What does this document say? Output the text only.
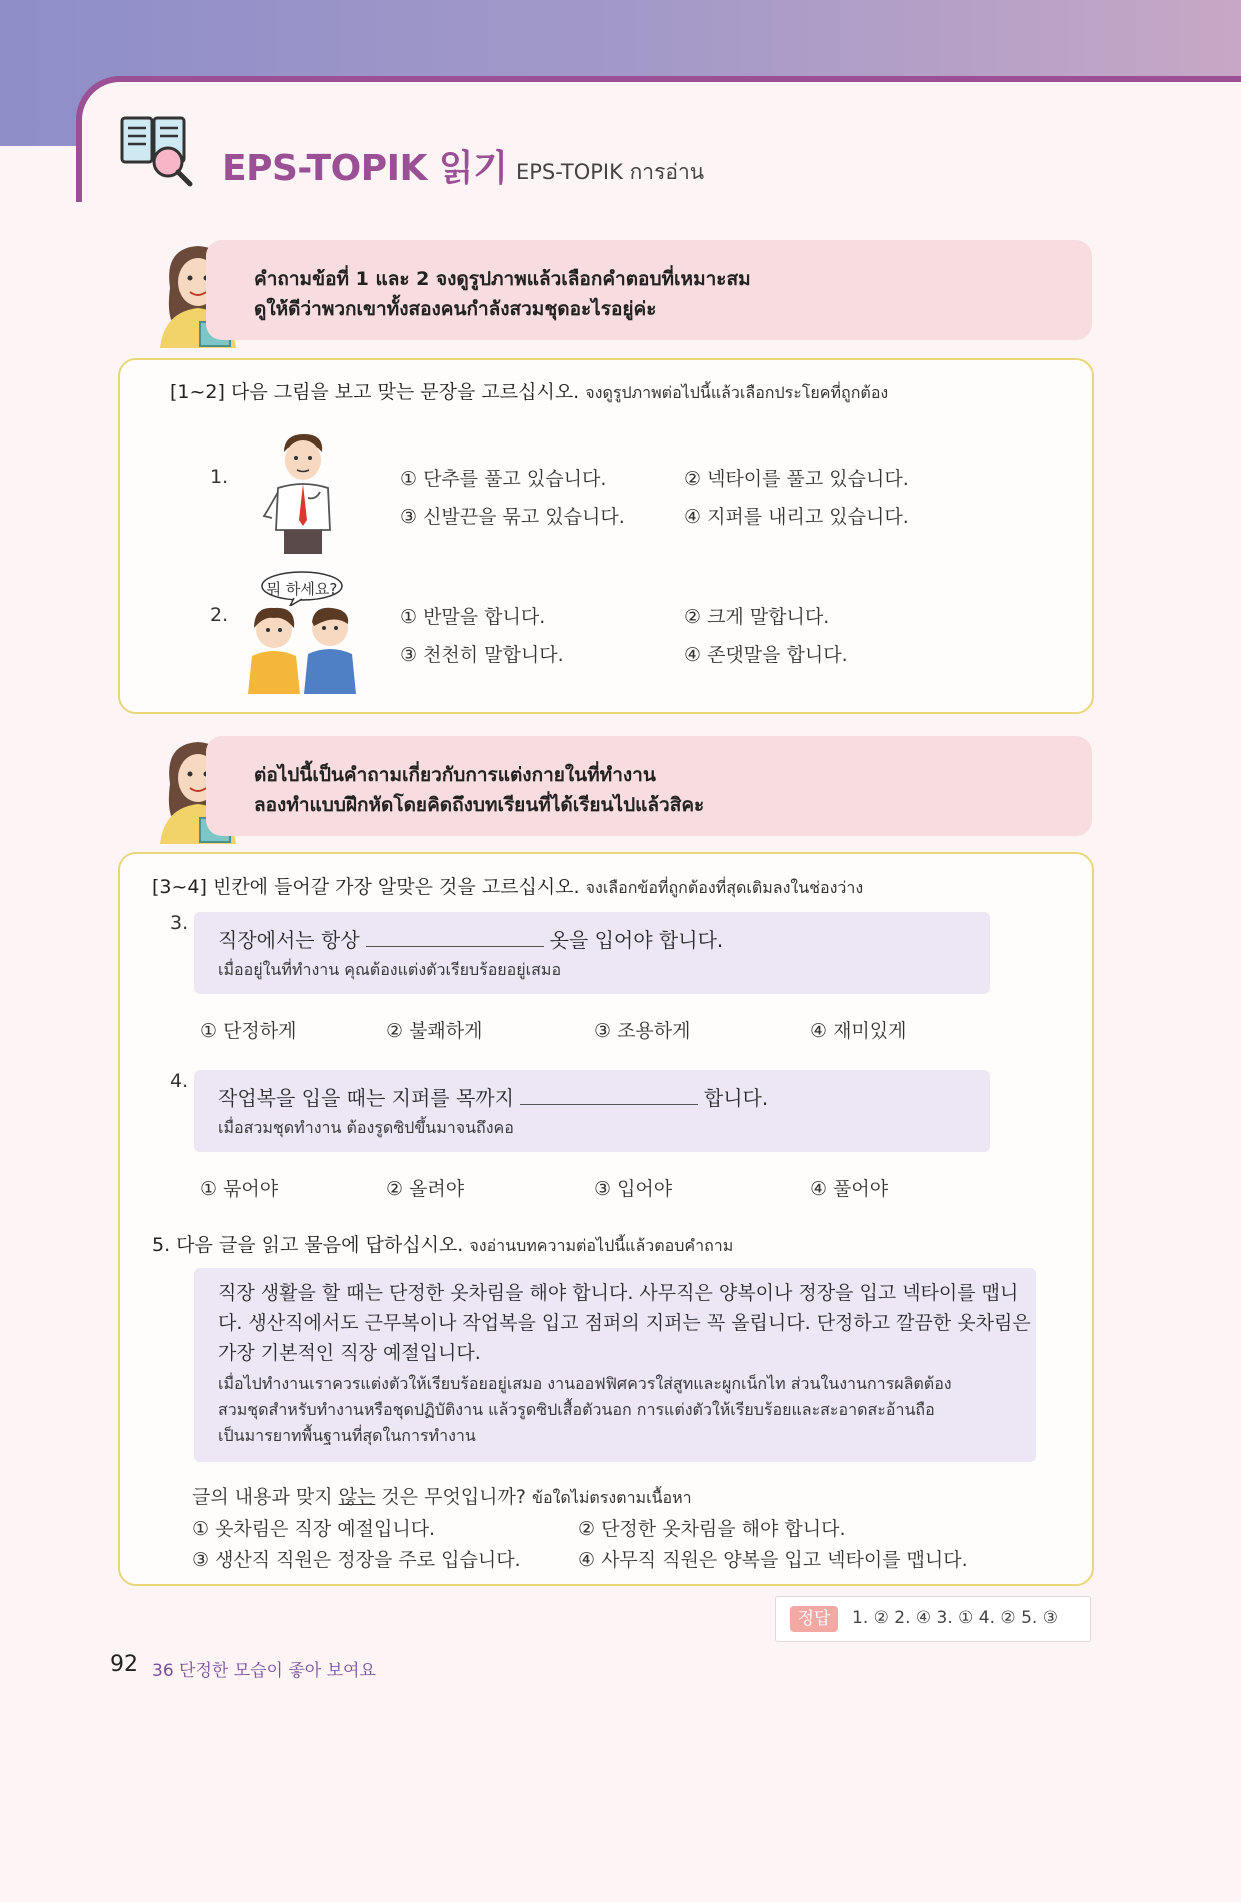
EPS-TOPIK 읽기 EPS-TOPIK การอ่าน
คำถามข้อที่ 1 และ 2 จงดูรูปภาพแล้วเลือกคำตอบที่เหมาะสม
ดูให้ดีว่าพวกเขาทั้งสองคนกำลังสวมชุดอะไรอยู่ค่ะ
[1~2] 다음 그림을 보고 맞는 문장을 고르십시오. จงดูรูปภาพต่อไปนี้แล้วเลือกประโยคที่ถูกต้อง
1.	① 단추를 풀고 있습니다.	② 넥타이를 풀고 있습니다.
③ 신발끈을 묶고 있습니다.	④ 지퍼를 내리고 있습니다.
2.
뭐 하세요?
① 반말을 합니다.	② 크게 말합니다.
③ 천천히 말합니다.	④ 존댓말을 합니다.
ต่อไปนี้เป็นคำถามเกี่ยวกับการแต่งกายในที่ทำงาน
ลองทำแบบฝึกหัดโดยคิดถึงบทเรียนที่ได้เรียนไปแล้วสิคะ
[3~4] 빈칸에 들어갈 가장 알맞은 것을 고르십시오. จงเลือกข้อที่ถูกต้องที่สุดเติมลงในช่องว่าง
3.
직장에서는 항상	옷을 입어야 합니다.
เมื่ออยู่ในที่ทำงาน คุณต้องแต่งตัวเรียบร้อยอยู่เสมอ
① 단정하게	② 불쾌하게	③ 조용하게	④ 재미있게
4.
작업복을 입을 때는 지퍼를 목까지	합니다.
เมื่อสวมชุดทำงาน ต้องรูดซิปขึ้นมาจนถึงคอ
① 묶어야	② 올려야	③ 입어야	④ 풀어야
5. 다음 글을 읽고 물음에 답하십시오. จงอ่านบทความต่อไปนี้แล้วตอบคำถาม
직장 생활을 할 때는 단정한 옷차림을 해야 합니다. 사무직은 양복이나 정장을 입고 넥타이를 맵니
다. 생산직에서도 근무복이나 작업복을 입고 점퍼의 지퍼는 꼭 올립니다. 단정하고 깔끔한 옷차림은
가장 기본적인 직장 예절입니다.
เมื่อไปทำงานเราควรแต่งตัวให้เรียบร้อยอยู่เสมอ งานออฟฟิศควรใส่สูทและผูกเน็กไท ส่วนในงานการผลิตต้อง
สวมชุดสำหรับทำงานหรือชุดปฏิบัติงาน แล้วรูดซิปเสื้อตัวนอก การแต่งตัวให้เรียบร้อยและสะอาดสะอ้านถือ
เป็นมารยาทพื้นฐานที่สุดในการทำงาน
글의 내용과 맞지 않는 것은 무엇입니까? ข้อใดไม่ตรงตามเนื้อหา
① 옷차림은 직장 예절입니다.	② 단정한 옷차림을 해야 합니다.
③ 생산직 직원은 정장을 주로 입습니다.	④ 사무직 직원은 양복을 입고 넥타이를 맵니다.
정답	1. ② 2. ④ 3. ① 4. ② 5. ③
92 36 단정한 모습이 좋아 보여요
